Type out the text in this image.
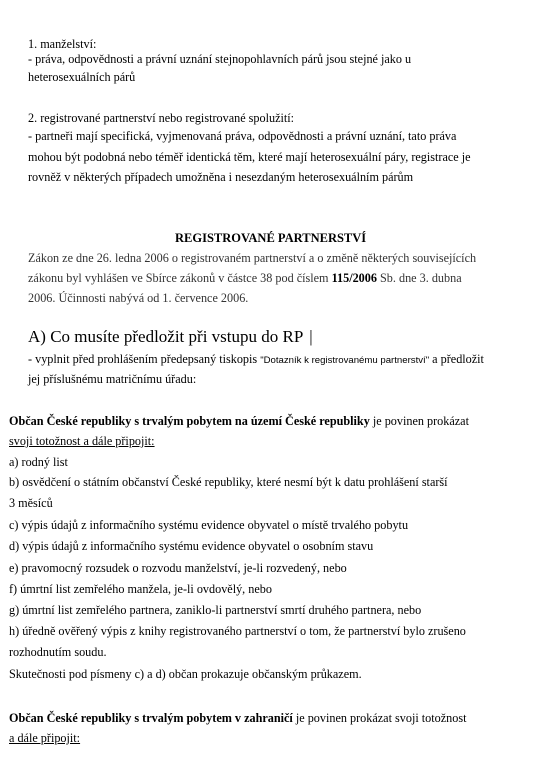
1. manželství:
- práva, odpovědnosti a právní uznání stejnopohlavních párů jsou stejné jako u
heterosexuálních párů
2. registrované partnerství nebo registrované spolužití:
- partneři mají specifická, vyjmenovaná práva, odpovědnosti a právní uznání, tato práva
mohou být podobná nebo téměř identická těm, které mají heterosexuální páry, registrace je
rovněž v některých případech umožněna i nesezdaným heterosexuálním párům
REGISTROVANÉ PARTNERSTVÍ
Zákon ze dne 26. ledna 2006 o registrovaném partnerství a o změně některých souvisejících
zákonu byl vyhlášen ve Sbírce zákonů v částce 38 pod číslem 115/2006 Sb. dne 3. dubna
2006. Účinnosti nabývá od 1. července 2006.
A) Co musíte předložit při vstupu do RP |
- vyplnit před prohlášením předepsaný tiskopis "Dotazník k registrovanému partnerství" a předložit
jej příslušnému matričnímu úřadu:
Občan České republiky s trvalým pobytem na území České republiky je povinen prokázat
svoji totožnost a dále připojit:
a) rodný list
b) osvědčení o státním občanství České republiky, které nesmí být k datu prohlášení starší
3 měsíců
c) výpis údajů z informačního systému evidence obyvatel o místě trvalého pobytu
d) výpis údajů z informačního systému evidence obyvatel o osobním stavu
e) pravomocný rozsudek o rozvodu manželství, je-li rozvedený, nebo
f) úmrtní list zemřelého manžela, je-li ovdovělý, nebo
g) úmrtní list zemřelého partnera, zaniklo-li partnerství smrtí druhého partnera, nebo
h) úředně ověřený výpis z knihy registrovaného partnerství o tom, že partnerství bylo zrušeno
rozhodnutím soudu.
Skutečnosti pod písmeny c) a d) občan prokazuje občanským průkazem.
Občan České republiky s trvalým pobytem v zahraničí je povinen prokázat svoji totožnost
a dále připojit:
